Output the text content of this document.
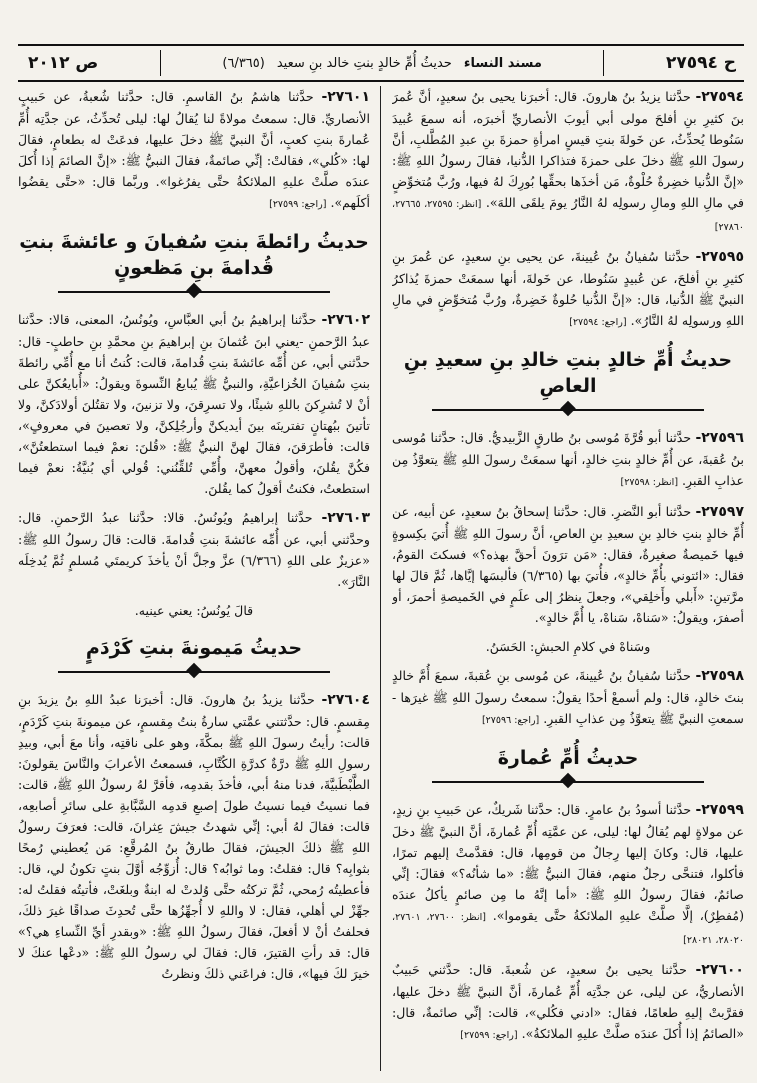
ح ٢٧٥٩٤
مسند النساء
حديثُ أُمِّ خالدٍ بنتِ خالد بنِ سعيد
(٦/٣٦٥)
ص ٢٠١٢

٢٧٥٩٤- حدَّثنا يزيدُ بنُ هارونَ. قال: أخبرَنا يحيى بنُ سعيدٍ، أنَّ عُمرَ بنَ كثيرِ بنِ أفلحَ مولى أبي أيوبَ الأنصاريِّ أخبرَه، أنه سمعَ عُبيدَ سَنُوطا يُحدِّثُ، عن خَولةَ بنتِ قيسٍ امرأةِ حمزةَ بنِ عبدِ المُطَّلبِ، أنَّ رسولَ اللهِ ﷺ دخلَ على حمزةَ فتذاكرا الدُّنيا، فقالَ رسولُ اللهِ ﷺ: «إنَّ الدُّنيا خضِرةٌ حُلْوةٌ، مَن أخذَها بحقِّها بُورِكَ لهُ فيها، ورُبَّ مُتخوِّضٍ في مالِ اللهِ ومالِ رسولِه لهُ النَّارُ يومَ يلقَى اللهَ». [انظر: ٢٧٥٩٥، ٢٧٦٦٥، ٢٧٨٦٠]

٢٧٥٩٥- حدَّثنا سُفيانُ بنُ عُيينةَ، عن يحيى بنِ سعيدٍ، عن عُمرَ بنِ كثيرِ بنِ أفلحَ، عن عُبيدٍ سَنُوطا، عن خَولةَ، أنها سمعَتْ حمزةَ يُذاكرُ النبيَّ ﷺ الدُّنيا، قال: «إنَّ الدُّنيا حُلوةٌ خَضِرةٌ، ورُبَّ مُتخوِّضٍ في مالِ اللهِ ورسولِه لهُ النَّارُ». [راجع: ٢٧٥٩٤]

حديثُ أُمِّ خالدٍ بنتِ خالدِ بنِ سعيدِ بنِ العاصِ

٢٧٥٩٦- حدَّثنا أبو قُرَّةَ مُوسى بنُ طارقٍ الزَّبيديُّ. قال: حدَّثنا مُوسى بنُ عُقبةَ، عن أُمِّ خالدٍ بنتِ خالدٍ، أنها سمعَتْ رسولَ اللهِ ﷺ يتعوَّذُ مِن عذابِ القبرِ. [انظر: ٢٧٥٩٨]

٢٧٥٩٧- حدَّثنا أبو النَّضرِ. قال: حدَّثنا إسحاقُ بنُ سعيدٍ، عن أبيه، عن أُمِّ خالدٍ بنتِ خالدِ بنِ سعيدِ بنِ العاصِ، أنَّ رسولَ اللهِ ﷺ أُتيَ بكِسوةٍ فيها خَميصةٌ صغيرةٌ، فقال: «مَن ترَونَ أحقَّ بهذه؟» فسكتَ القومُ، فقال: «ائتوني بأُمِّ خالدٍ»، فأُتيَ بها (٦/٣٦٥) فألبسَها إيَّاها، ثُمَّ قالَ لها مرَّتينِ: «أَبلي وأَخلِقي»، وجعلَ ينظرُ إلى علَمٍ في الخَميصةِ أحمرَ، أو أصفرَ، ويقولُ: «سَناهْ، سَناهْ، يا أُمَّ خالدٍ».

وسَناهْ في كلامِ الحبشِ: الحَسَنُ.

٢٧٥٩٨- حدَّثنا سُفيانُ بنُ عُيينةَ، عن مُوسى بنِ عُقبةَ، سمعَ أُمَّ خالدٍ بنتَ خالدٍ، قال: ولم أسمعْ أحدًا يقولُ: سمعتُ رسولَ اللهِ ﷺ غيرَها - سمعتِ النبيَّ ﷺ يتعوَّذُ مِن عذابِ القبرِ. [راجع: ٢٧٥٩٦]

حديثُ أُمِّ عُمارةَ

٢٧٥٩٩- حدَّثنا أسودُ بنُ عامرٍ. قال: حدَّثنا شَريكٌ، عن حَبيبِ بنِ زيدٍ، عن مولاةٍ لهم يُقالُ لها: ليلى، عن عمَّتِه أُمِّ عُمارةَ، أنَّ النبيَّ ﷺ دخلَ عليها، قال: وكانَ إليها رِجالٌ من قومِها، قال: فقدَّمتْ إليهم تمرًا، فأكلوا، فتنحَّى رجلٌ منهم، فقالَ النبيُّ ﷺ: «ما شأنُه؟» فقالَ: إنِّي صائمٌ، فقالَ رسولُ اللهِ ﷺ: «أما إنَّهُ ما مِن صائمٍ يأكلُ عندَه (مُفطِرٌ)، إلَّا صلَّتْ عليهِ الملائكةُ حتَّى يقوموا». [انظر: ٢٧٦٠٠، ٢٧٦٠١، ٢٨٠٢٠، ٢٨٠٢١]

٢٧٦٠٠- حدَّثنا يحيى بنُ سعيدٍ، عن شُعبةَ. قال: حدَّثني حَبيبٌ الأنصاريُّ، عن ليلى، عن جدَّتِه أُمِّ عُمارةَ، أنَّ النبيَّ ﷺ دخلَ عليها، فقرَّبتْ إليهِ طعامًا، فقال: «ادني فكُلي»، قالت: إنِّي صائمةٌ، قال: «الصائمُ إذا أُكلَ عندَه صلَّتْ عليهِ الملائكةُ». [راجع: ٢٧٥٩٩]

٢٧٦٠١- حدَّثنا هاشمُ بنُ القاسمِ. قال: حدَّثنا شُعبةُ، عن حَبيبٍ الأنصاريِّ. قال: سمعتُ مولاةً لنا يُقالُ لها: ليلى تُحدِّثُ، عن جدَّتِه أُمِّ عُمارةَ بنتِ كعبٍ، أنَّ النبيَّ ﷺ دخلَ عليها، فدعَتْ له بطعامٍ، فقالَ لها: «كُلي»، فقالتْ: إنِّي صائمةٌ، فقالَ النبيُّ ﷺ: «إنَّ الصائمَ إذا أُكلَ عندَه صلَّتْ عليهِ الملائكةُ حتَّى يفرُغوا». وربَّما قال: «حتَّى يقضُوا أكلَهم». [راجع: ٢٧٥٩٩]

حديثُ رائطةَ بنتِ سُفيانَ و عائشةَ بنتِ قُدامةَ بنِ مَظعونٍ

٢٧٦٠٢- حدَّثنا إبراهيمُ بنُ أبي العبَّاسِ، ويُونُسُ، المعنى، قالا: حدَّثنا عبدُ الرَّحمنِ -يعني ابنَ عُثمانَ بنِ إبراهيمَ بنِ محمَّدِ بنِ حاطبٍ- قال: حدَّثني أبي، عن أُمِّه عائشةَ بنتِ قُدامةَ، قالت: كُنتُ أنا مع أُمِّي رائطةَ بنتِ سُفيانَ الخُزاعيَّةِ، والنبيُّ ﷺ يُبايعُ النِّسوةَ ويقولُ: «أُبايعُكنَّ على أنْ لا تُشرِكنَ باللهِ شيئًا، ولا تسرِقنَ، ولا تزنينَ، ولا تقتُلنَ أولادَكنَّ، ولا تأتينَ ببُهتانٍ تفترينَه بينَ أيديكنَّ وأرجُلِكنَّ، ولا تعصينَ في معروفٍ»، قالت: فأطرَقنَ، فقالَ لهنَّ النبيُّ ﷺ: «قُلنَ: نعمْ فيما استطعتُنَّ»، فكُنَّ يقُلنَ، وأقولُ معهنَّ، وأُمِّي تُلقِّنُني: قُولي أي بُنيَّةُ: نعمْ فيما استطعتُ، فكنتُ أقولُ كما يقُلنَ.

٢٧٦٠٣- حدَّثنا إبراهيمُ ويُونُسُ. قالا: حدَّثنا عبدُ الرَّحمنِ. قال: وحدَّثني أبي، عن أُمِّه عائشةَ بنتِ قُدامةَ. قالت: قالَ رسولُ اللهِ ﷺ: «عزيزٌ على اللهِ (٦/٣٦٦) عزَّ وجلَّ أنْ يأخذَ كريمتَي مُسلمٍ ثُمَّ يُدخِلَه النَّارَ».

قالَ يُونُسُ: يعني عينيه.

حديثُ مَيمونةَ بنتِ كَرْدَمٍ

٢٧٦٠٤- حدَّثنا يزيدُ بنُ هارونَ. قال: أخبرَنا عبدُ اللهِ بنُ يزيدَ بنِ مِقسمٍ. قال: حدَّثتني عمَّتي سارةُ بنتُ مِقسمٍ، عن ميمونةَ بنتِ كَرْدَمٍ، قالت: رأيتُ رسولَ اللهِ ﷺ بمكَّةَ، وهو على ناقتِه، وأنا معَ أبي، وبيدِ رسولِ اللهِ ﷺ درَّةٌ كدرَّةِ الكُتَّابِ، فسمعتُ الأعرابَ والنَّاسَ يقولونَ: الطَّبْطَبيَّةَ، فدنا منهُ أبي، فأخذَ بقدمِه، فأقرَّ لهُ رسولُ اللهِ ﷺ، قالت: فما نسيتُ فيما نسيتُ طولَ إصبعِ قدمِه السَّبَّابةِ على سائرِ أصابعِه، قالت: فقالَ لهُ أبي: إنِّي شهدتُ جيشَ عِثرانَ، قالت: فعرَفَ رسولُ اللهِ ﷺ ذلكَ الجيشَ، فقالَ طارقُ بنُ المُرقَّعِ: مَن يُعطيني رُمحًا بثوابِه؟ قال: فقلتُ: وما ثوابُه؟ قال: أُزوِّجُه أوَّلَ بنتٍ تكونُ لي، قال: فأعطيتُه رُمحي، ثُمَّ تركتُه حتَّى وُلدتْ له ابنةٌ وبلغَتْ، فأتيتُه فقلتُ له: جهِّزْ لي أهلي، فقال: لا واللهِ لا أُجهِّزُها حتَّى تُحدِثَ صداقًا غيرَ ذلكَ، فحلفتُ أنْ لا أفعلَ، فقالَ رسولُ اللهِ ﷺ: «وبقدرِ أيِّ النِّساءِ هي؟» قال: قد رأتِ القتيرَ، قال: فقالَ لي رسولُ اللهِ ﷺ: «دعْها عنكَ لا خيرَ لكَ فيها»، قال: فراعَني ذلكَ ونظرتُ
